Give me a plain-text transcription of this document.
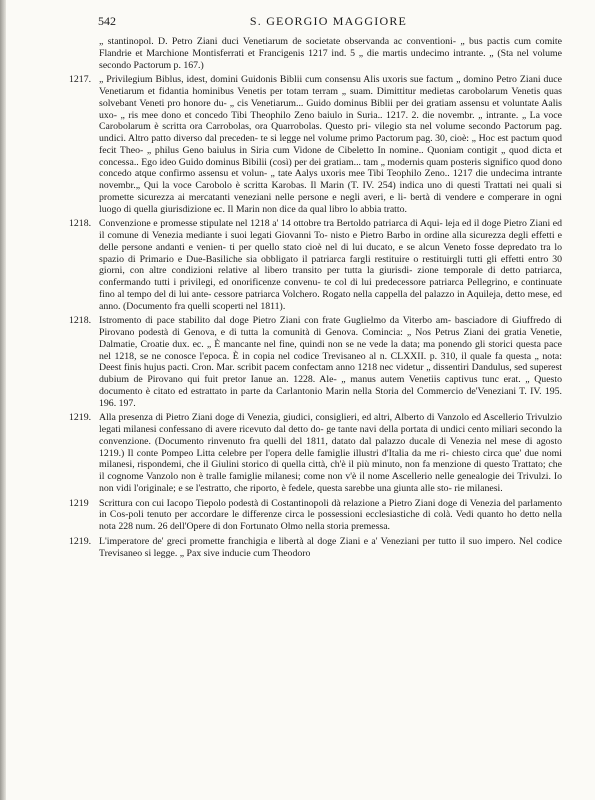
542	S. GEORGIO MAGGIORE

„ stantinopol. D. Petro Ziani duci Venetiarum de societate observanda ac conventioni- „ bus pactis cum comite Flandrie et Marchione Montisferrati et Francigenis 1217 ind. 5 „ die martis undecimo intrante. „ (Sta nel volume secondo Pactorum p. 167.)

1217. „ Privilegium Biblus, idest, domini Guidonis Biblii cum consensu Alis uxoris sue factum „ domino Petro Ziani duce Venetiarum et fidantia hominibus Venetis per totam terram „ suam. Dimittitur medietas carobolarum Venetis quas solvebant Veneti pro honore du- „ cis Venetiarum... Guido dominus Biblii per dei gratiam assensu et voluntate Aalis uxo- „ ris mee dono et concedo Tibi Theophilo Zeno baiulo in Suria.. 1217. 2. die novembr. „ intrante. „ La voce Carobolarum è scritta ora Carrobolas, ora Quarrobolas. Questo pri- vilegio sta nel volume secondo Pactorum pag. undici. Altro patto diverso dal preceden- te si legge nel volume primo Pactorum pag. 30, cioè: „ Hoc est pactum quod fecit Theo- „ philus Geno baiulus in Siria cum Vidone de Cibeletto In nomine.. Quoniam contigit „ quod dicta et concessa.. Ego ideo Guido dominus Bibilii (così) per dei gratiam... tam „ modernis quam posteris significo quod dono concedo atque confirmo assensu et volun- „ tate Aalys uxoris mee Tibi Teophilo Zeno.. 1217 die undecima intrante novembr.„ Qui la voce Carobolo è scritta Karobas. Il Marin (T. IV. 254) indica uno di questi Trattati nei quali si promette sicurezza ai mercatanti veneziani nelle persone e negli averi, e li- bertà di vendere e comperare in ogni luogo di quella giurisdizione ec. Il Marin non dice da qual libro lo abbia tratto.

1218. Convenzione e promesse stipulate nel 1218 a' 14 ottobre tra Bertoldo patriarca di Aqui- leja ed il doge Pietro Ziani ed il comune di Venezia mediante i suoi legati Giovanni To- nisto e Pietro Barbo in ordine alla sicurezza degli effetti e delle persone andanti e venien- ti per quello stato cioè nel di lui ducato, e se alcun Veneto fosse depredato tra lo spazio di Primario e Due-Basiliche sia obbligato il patriarca fargli restituire o restituirgli tutti gli effetti entro 30 giorni, con altre condizioni relative al libero transito per tutta la giurisdi- zione temporale di detto patriarca, confermando tutti i privilegi, ed onorificenze convenu- te col di lui predecessore patriarca Pellegrino, e continuate fino al tempo del di lui ante- cessore patriarca Volchero. Rogato nella cappella del palazzo in Aquileja, detto mese, ed anno. (Documento fra quelli scoperti nel 1811).

1218. Istromento di pace stabilito dal doge Pietro Ziani con frate Guglielmo da Viterbo am- basciadore di Giuffredo di Pirovano podestà di Genova, e di tutta la comunità di Genova. Cominciа: „ Nos Petrus Ziani dei gratia Venetie, Dalmatie, Croatie dux. ec. „ È mancante nel fine, quindi non se ne vede la data; ma ponendo gli storici questa pace nel 1218, se ne conosce l'epoca. È in copia nel codice Trevisaneo al n. CLXXII. p. 310, il quale fa questa „ nota: Deest finis hujus pacti. Cron. Mar. scribit pacem confectam anno 1218 nec videtur „ dissentiri Dandulus, sed superest dubium de Pirovano qui fuit pretor Ianue an. 1228. Ale- „ manus autem Venetiis captivus tunc erat. „ Questo documento è citato ed estrattato in parte da Carlantonio Marin nella Storia del Commercio de'Veneziani T. IV. 195. 196. 197.

1219. Alla presenza di Pietro Ziani doge di Venezia, giudici, consiglieri, ed altri, Alberto di Vanzolo ed Ascellerio Trivulzio legati milanesi confessano di avere ricevuto dal detto do- ge tante navi della portata di undici cento miliari secondo la convenzione. (Documento rinvenuto fra quelli del 1811, datato dal palazzo ducale di Venezia nel mese di agosto 1219.) Il conte Pompeo Litta celebre per l'opera delle famiglie illustri d'Italia da me ri- chiesto circa que' due nomi milanesi, rispondemi, che il Giulini storico di quella città, ch'è il più minuto, non fa menzione di questo Trattato; che il cognome Vanzolo non è tralle famiglie milanesi; come non v'è il nome Ascellerio nelle genealogie dei Trivulzi. Io non vidi l'originale; e se l'estratto, che riporto, è fedele, questa sarebbe una giunta alle sto- rie milanesi.

1219 Scrittura con cui Iacopo Tiepolo podestà di Costantinopoli dà relazione a Pietro Ziani doge di Venezia del parlamento in Cos-poli tenuto per accordare le differenze circa le possessioni ecclesiastiche di colà. Vedi quanto ho detto nella nota 228 num. 26 dell'Opere di don Fortunato Olmo nella storia premessa.

1219. L'imperatore de' greci promette franchigia e libertà al doge Ziani e a' Veneziani per tutto il suo impero. Nel codice Trevisaneo si legge. „ Pax sive inducie cum Theodoro
